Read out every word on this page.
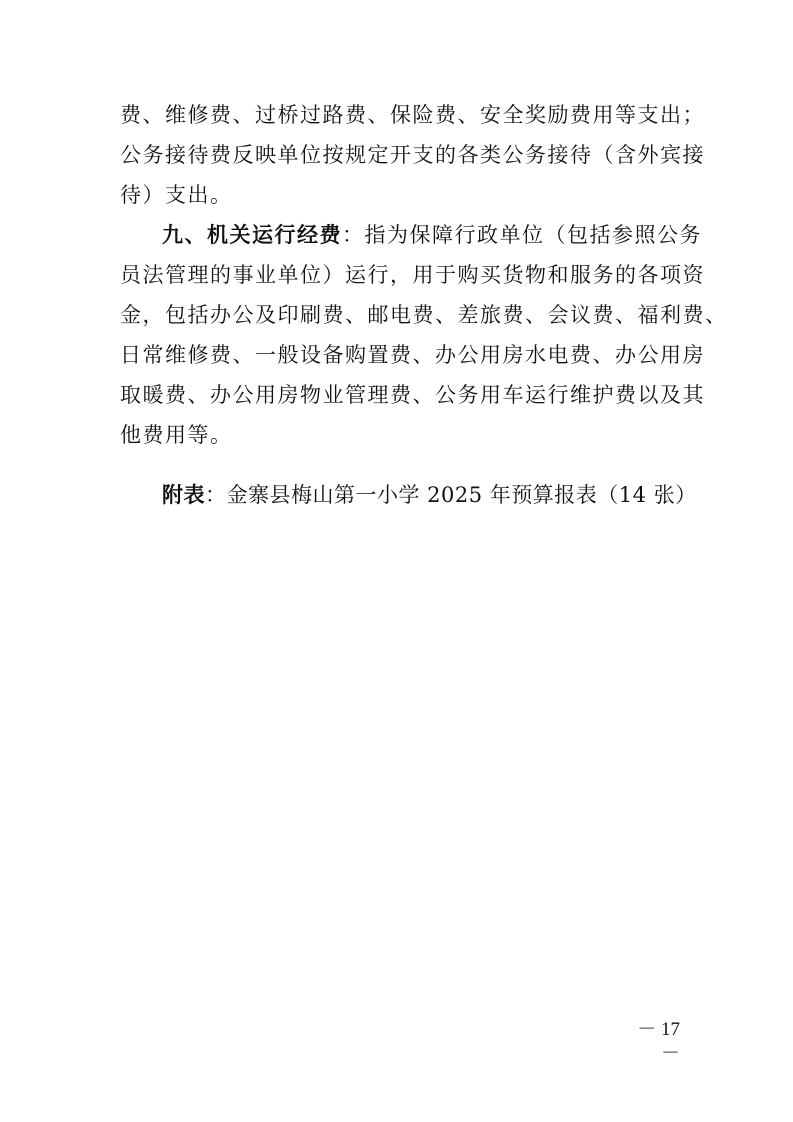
费、维修费、过桥过路费、保险费、安全奖励费用等支出；
公务接待费反映单位按规定开支的各类公务接待（含外宾接
待）支出。
九、机关运行经费：指为保障行政单位（包括参照公务
员法管理的事业单位）运行，用于购买货物和服务的各项资
金，包括办公及印刷费、邮电费、差旅费、会议费、福利费、
日常维修费、一般设备购置费、办公用房水电费、办公用房
取暖费、办公用房物业管理费、公务用车运行维护费以及其
他费用等。
附表：金寨县梅山第一小学 2025 年预算报表（14 张）
－ 17 －
